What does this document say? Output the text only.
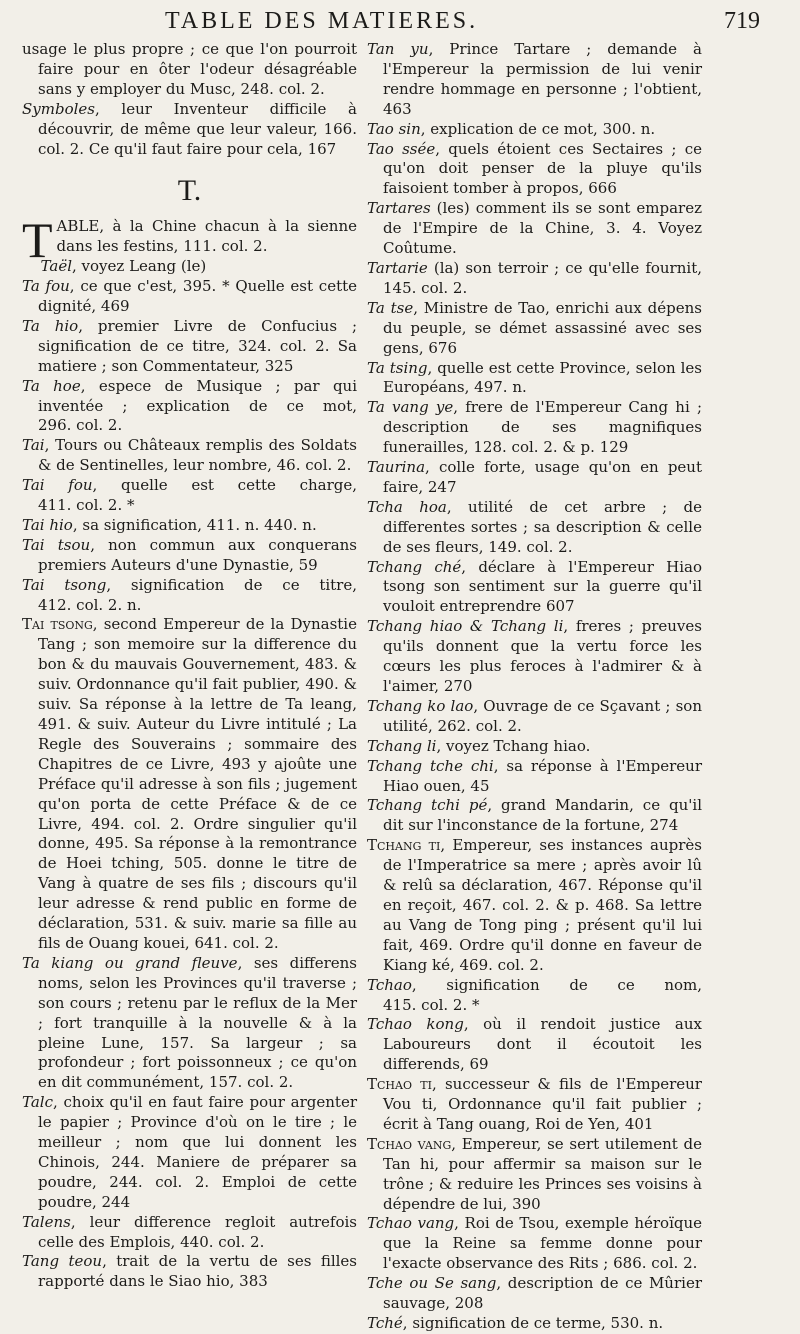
TABLE DES MATIERES.	719
usage le plus propre ; ce que l'on pourroit faire pour en ôter l'odeur désagréable sans y employer du Musc, 248. col. 2.
Symboles, leur Inventeur difficile à découvrir, de même que leur valeur, 166. col. 2. Ce qu'il faut faire pour cela, 167
T.
TABLE, à la Chine chacun à la sienne dans les festins, 111. col. 2.
Taël, voyez Leang (le)
Ta fou, ce que c'est, 395. * Quelle est cette dignité, 469
Ta hio, premier Livre de Confucius ; signification de ce titre, 324. col. 2. Sa matiere ; son Commentateur, 325
Ta hoe, espece de Musique ; par qui inventée ; explication de ce mot, 296. col. 2.
Tai, Tours ou Châteaux remplis des Soldats & de Sentinelles, leur nombre, 46. col. 2.
Tai fou, quelle est cette charge, 411. col. 2. *
Tai hio, sa signification, 411. n. 440. n.
Tai tsou, non commun aux conquerans premiers Auteurs d'une Dynastie, 59
Tai tsong, signification de ce titre, 412. col. 2. n.
Tai tsong, second Empereur de la Dynastie Tang ; son memoire sur la difference du bon & du mauvais Gouvernement, 483. & suiv. Ordonnance qu'il fait publier, 490. & suiv. Sa réponse à la lettre de Ta leang, 491. & suiv. Auteur du Livre intitulé ; La Regle des Souverains ; sommaire des Chapitres de ce Livre, 493 y ajoûte une Préface qu'il adresse à son fils ; jugement qu'on porta de cette Préface & de ce Livre, 494. col. 2. Ordre singulier qu'il donne, 495. Sa réponse à la remontrance de Hoei tching, 505. donne le titre de Vang à quatre de ses fils ; discours qu'il leur adresse & rend public en forme de déclaration, 531. & suiv. marie sa fille au fils de Ouang kouei, 641. col. 2.
Ta kiang ou grand fleuve, ses differens noms, selon les Provinces qu'il traverse ; son cours ; retenu par le reflux de la Mer ; fort tranquille à la nouvelle & à la pleine Lune, 157. Sa largeur ; sa profondeur ; fort poissonneux ; ce qu'on en dit communément, 157. col. 2.
Talc, choix qu'il en faut faire pour argenter le papier ; Province d'où on le tire ; le meilleur ; nom que lui donnent les Chinois, 244. Maniere de préparer sa poudre, 244. col. 2. Emploi de cette poudre, 244
Talens, leur difference regloit autrefois celle des Emplois, 440. col. 2.
Tang teou, trait de la vertu de ses filles rapporté dans le Siao hio, 383
Tan yu, Prince Tartare ; demande à l'Empereur la permission de lui venir rendre hommage en personne ; l'obtient, 463
Tao sin, explication de ce mot, 300. n.
Tao ssée, quels étoient ces Sectaires ; ce qu'on doit penser de la pluye qu'ils faisoient tomber à propos, 666
Tartares (les) comment ils se sont emparez de l'Empire de la Chine, 3. 4. Voyez Coûtume.
Tartarie (la) son terroir ; ce qu'elle fournit, 145. col. 2.
Ta tse, Ministre de Tao, enrichi aux dépens du peuple, se démet assassiné avec ses gens, 676
Ta tsing, quelle est cette Province, selon les Européans, 497. n.
Ta vang ye, frere de l'Empereur Cang hi ; description de ses magnifiques funerailles, 128. col. 2. & p. 129
Taurina, colle forte, usage qu'on en peut faire, 247
Tcha hoa, utilité de cet arbre ; de differentes sortes ; sa description & celle de ses fleurs, 149. col. 2.
Tchang ché, déclare à l'Empereur Hiao tsong son sentiment sur la guerre qu'il vouloit entreprendre 607
Tchang hiao & Tchang li, freres ; preuves qu'ils donnent que la vertu force les cœurs les plus feroces à l'admirer & à l'aimer, 270
Tchang ko lao, Ouvrage de ce Sçavant ; son utilité, 262. col. 2.
Tchang li, voyez Tchang hiao.
Tchang tche chi, sa réponse à l'Empereur Hiao ouen, 45
Tchang tchi pé, grand Mandarin, ce qu'il dit sur l'inconstance de la fortune, 274
Tchang ti, Empereur, ses instances auprès de l'Imperatrice sa mere ; après avoir lû & relû sa déclaration, 467. Réponse qu'il en reçoit, 467. col. 2. & p. 468. Sa lettre au Vang de Tong ping ; présent qu'il lui fait, 469. Ordre qu'il donne en faveur de Kiang ké, 469. col. 2.
Tchao, signification de ce nom, 415. col. 2. *
Tchao kong, où il rendoit justice aux Laboureurs dont il écoutoit les differends, 69
Tchao ti, successeur & fils de l'Empereur Vou ti, Ordonnance qu'il fait publier ; écrit à Tang ouang, Roi de Yen, 401
Tchao vang, Empereur, se sert utilement de Tan hi, pour affermir sa maison sur le trône ; & reduire les Princes ses voisins à dépendre de lui, 390
Tchao vang, Roi de Tsou, exemple héroïque que la Reine sa femme donne pour l'exacte observance des Rits ; 686. col. 2.
Tche ou Se sang, description de ce Mûrier sauvage, 208
Tché, signification de ce terme, 530. n.
